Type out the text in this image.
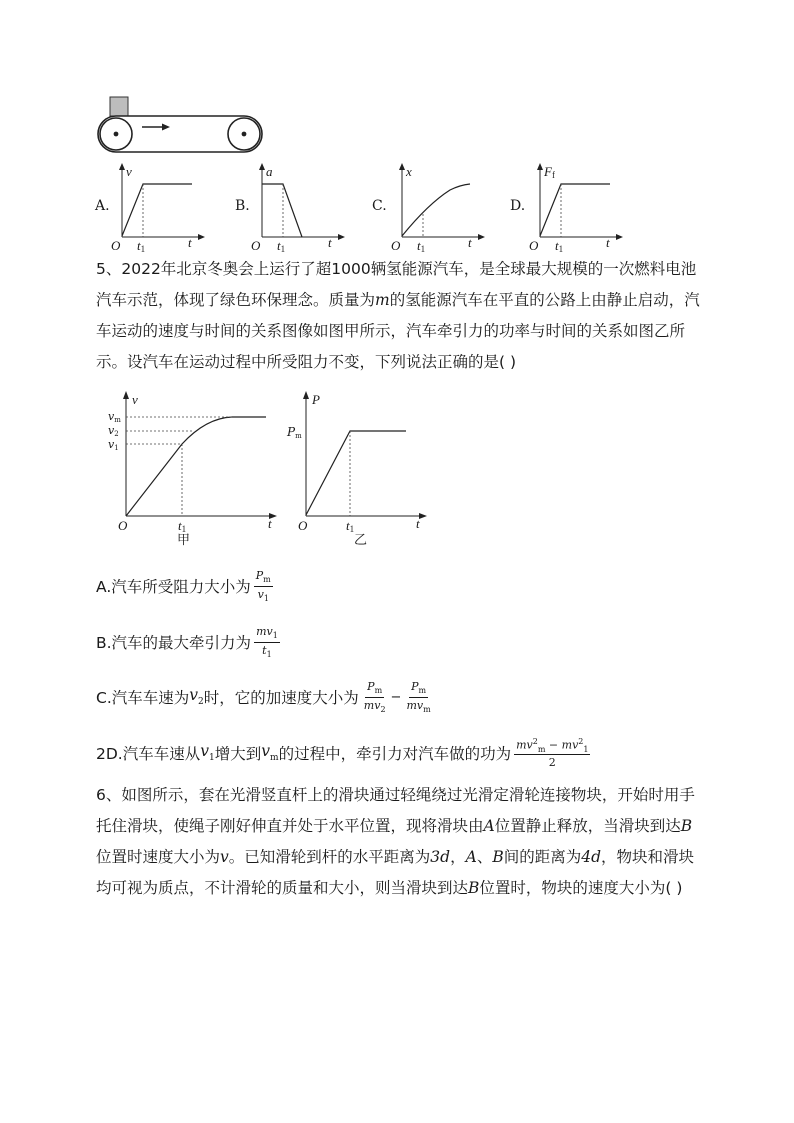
A.
v
O t1	t
B.
a
O t1	t
C.
x
O t1	t
D.
Ff
O t1	t
5、2022年北京冬奥会上运行了超1000辆氢能源汽车，是全球最大规模的一次燃料电池汽车示范，体现了绿色环保理念。质量为m的氢能源汽车在平直的公路上由静止启动，汽车运动的速度与时间的关系图像如图甲所示，汽车牵引力的功率与时间的关系如图乙所示。设汽车在运动过程中所受阻力不变，下列说法正确的是( )
v
vm
v2
v1
O	t1	t
甲
P
Pm
O	t1	t
乙
A.汽车所受阻力大小为 $\frac{P_m}{v_1}$
B.汽车的最大牵引力为 $\frac{mv_1}{t_1}$
C.汽车车速为 $v_2$ 时，它的加速度大小为 $\frac{P_m}{mv_2} - \frac{P_m}{mv_m}$
2D.汽车车速从 $v_1$ 增大到 $v_m$ 的过程中，牵引力对汽车做的功为 $\frac{mv^2_m - mv^2_1}{2}$
6、如图所示，套在光滑竖直杆上的滑块通过轻绳绕过光滑定滑轮连接物块，开始时用手托住滑块，使绳子刚好伸直并处于水平位置，现将滑块由A位置静止释放，当滑块到达B位置时速度大小为v。已知滑轮到杆的水平距离为3d，A、B间的距离为4d，物块和滑块均可视为质点，不计滑轮的质量和大小，则当滑块到达B位置时，物块的速度大小为( )
